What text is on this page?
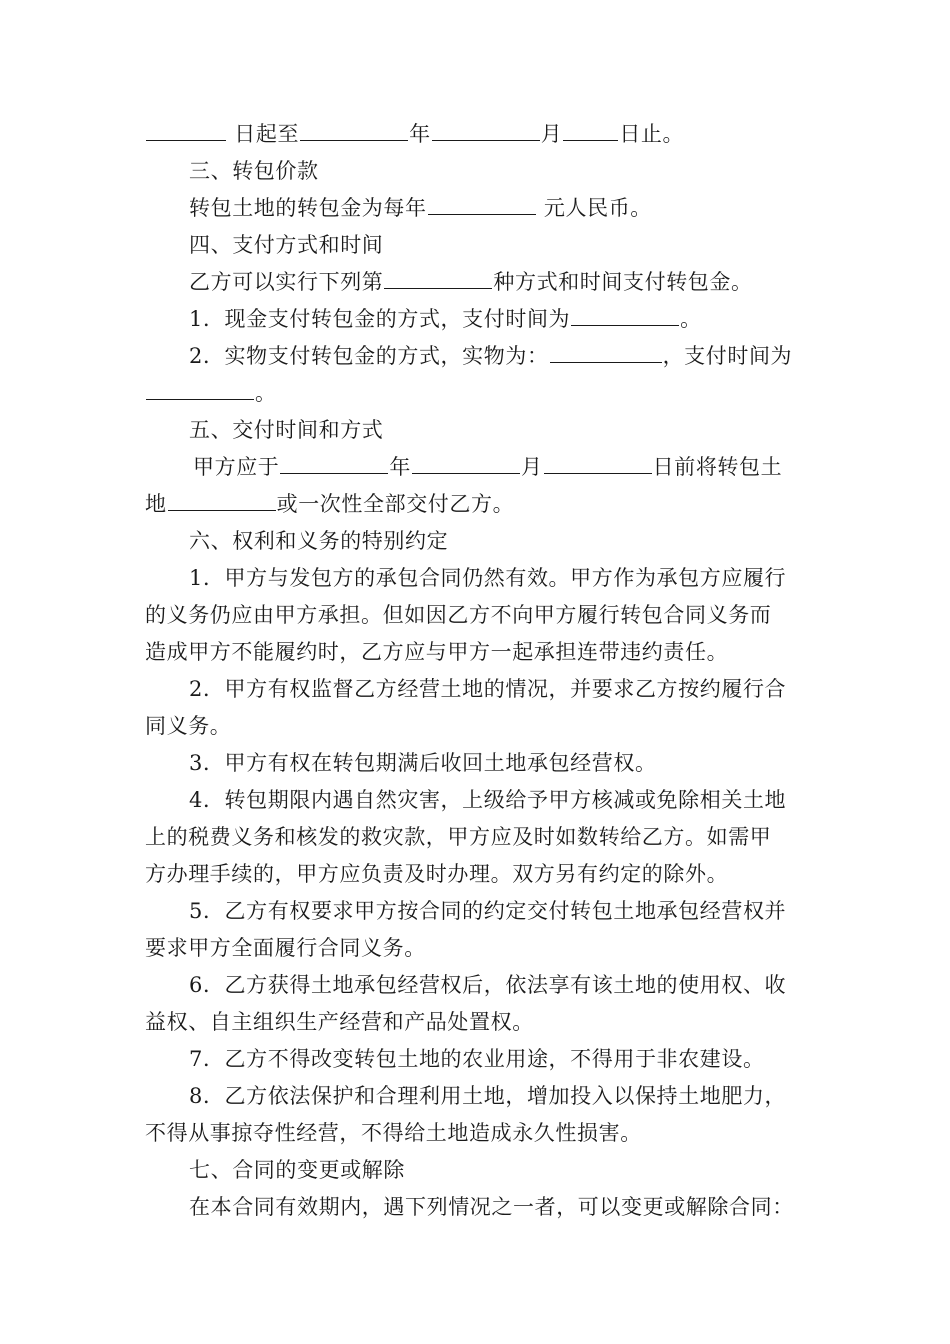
日起至	年	月	日止。
三、转包价款
转包土地的转包金为每年	元人民币。
四、支付方式和时间
乙方可以实行下列第	种方式和时间支付转包金。
1．现金支付转包金的方式，支付时间为	。
2．实物支付转包金的方式，实物为：	，支付时间为
。
五、交付时间和方式
甲方应于	年	月	日前将转包土
地	或一次性全部交付乙方。
六、权利和义务的特别约定
1．甲方与发包方的承包合同仍然有效。甲方作为承包方应履行
的义务仍应由甲方承担。但如因乙方不向甲方履行转包合同义务而
造成甲方不能履约时，乙方应与甲方一起承担连带违约责任。
2．甲方有权监督乙方经营土地的情况，并要求乙方按约履行合
同义务。
3．甲方有权在转包期满后收回土地承包经营权。
4．转包期限内遇自然灾害，上级给予甲方核减或免除相关土地
上的税费义务和核发的救灾款，甲方应及时如数转给乙方。如需甲
方办理手续的，甲方应负责及时办理。双方另有约定的除外。
5．乙方有权要求甲方按合同的约定交付转包土地承包经营权并
要求甲方全面履行合同义务。
6．乙方获得土地承包经营权后，依法享有该土地的使用权、收
益权、自主组织生产经营和产品处置权。
7．乙方不得改变转包土地的农业用途，不得用于非农建设。
8．乙方依法保护和合理利用土地，增加投入以保持土地肥力，
不得从事掠夺性经营，不得给土地造成永久性损害。
七、合同的变更或解除
在本合同有效期内，遇下列情况之一者，可以变更或解除合同：
